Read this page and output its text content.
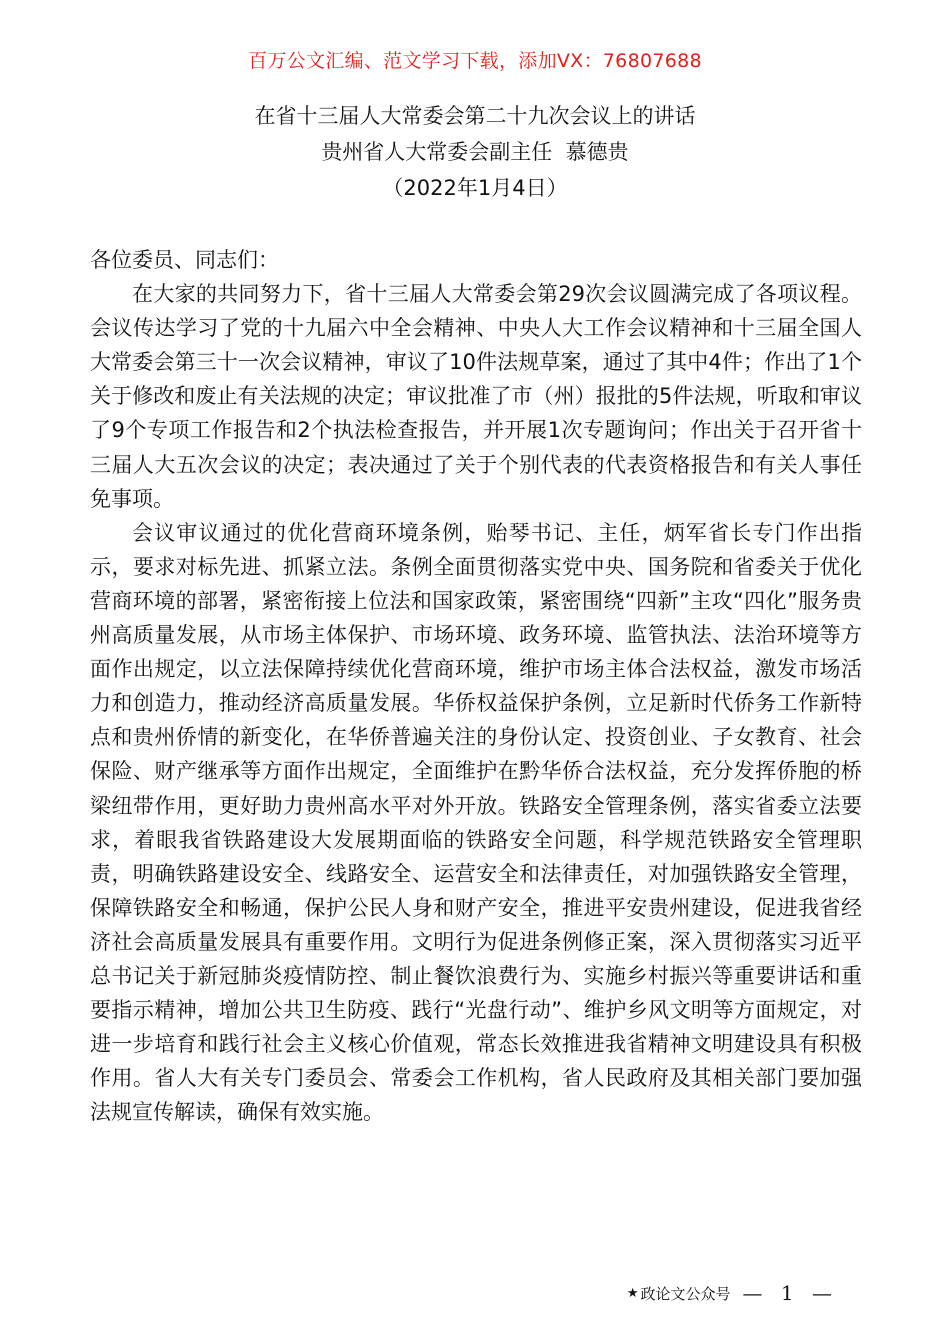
百万公文汇编、范文学习下载，添加VX：76807688
在省十三届人大常委会第二十九次会议上的讲话
贵州省人大常委会副主任  慕德贵
（2022年1月4日）

各位委员、同志们：

在大家的共同努力下，省十三届人大常委会第29次会议圆满完成了各项议程。会议传达学习了党的十九届六中全会精神、中央人大工作会议精神和十三届全国人大常委会第三十一次会议精神，审议了10件法规草案，通过了其中4件；作出了1个关于修改和废止有关法规的决定；审议批准了市（州）报批的5件法规，听取和审议了9个专项工作报告和2个执法检查报告，并开展1次专题询问；作出关于召开省十三届人大五次会议的决定；表决通过了关于个别代表的代表资格报告和有关人事任免事项。

会议审议通过的优化营商环境条例，贻琴书记、主任，炳军省长专门作出指示，要求对标先进、抓紧立法。条例全面贯彻落实党中央、国务院和省委关于优化营商环境的部署，紧密衔接上位法和国家政策，紧密围绕“四新”主攻“四化”服务贵州高质量发展，从市场主体保护、市场环境、政务环境、监管执法、法治环境等方面作出规定，以立法保障持续优化营商环境，维护市场主体合法权益，激发市场活力和创造力，推动经济高质量发展。华侨权益保护条例，立足新时代侨务工作新特点和贵州侨情的新变化，在华侨普遍关注的身份认定、投资创业、子女教育、社会保险、财产继承等方面作出规定，全面维护在黔华侨合法权益，充分发挥侨胞的桥梁纽带作用，更好助力贵州高水平对外开放。铁路安全管理条例，落实省委立法要求，着眼我省铁路建设大发展期面临的铁路安全问题，科学规范铁路安全管理职责，明确铁路建设安全、线路安全、运营安全和法律责任，对加强铁路安全管理，保障铁路安全和畅通，保护公民人身和财产安全，推进平安贵州建设，促进我省经济社会高质量发展具有重要作用。文明行为促进条例修正案，深入贯彻落实习近平总书记关于新冠肺炎疫情防控、制止餐饮浪费行为、实施乡村振兴等重要讲话和重要指示精神，增加公共卫生防疫、践行“光盘行动”、维护乡风文明等方面规定，对进一步培育和践行社会主义核心价值观，常态长效推进我省精神文明建设具有积极作用。省人大有关专门委员会、常委会工作机构，省人民政府及其相关部门要加强法规宣传解读，确保有效实施。

★ 政论文公众号 — 1 —
